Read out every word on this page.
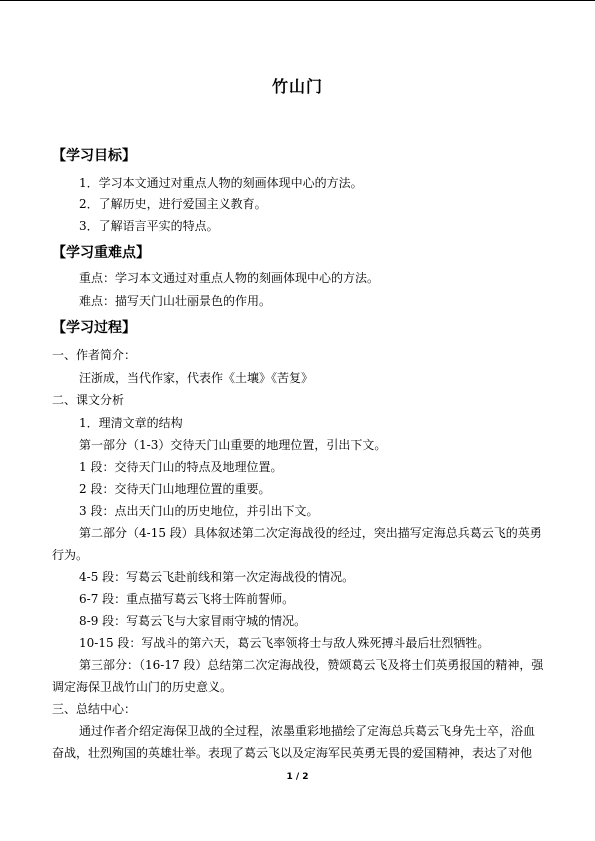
竹山门
【学习目标】
1．学习本文通过对重点人物的刻画体现中心的方法。
2．了解历史，进行爱国主义教育。
3．了解语言平实的特点。
【学习重难点】
重点：学习本文通过对重点人物的刻画体现中心的方法。
难点：描写天门山壮丽景色的作用。
【学习过程】
一、作者简介：
汪浙成，当代作家，代表作《土壤》《苦复》
二、课文分析
1．理清文章的结构
第一部分（1-3）交待天门山重要的地理位置，引出下文。
1 段：交待天门山的特点及地理位置。
2 段：交待天门山地理位置的重要。
3 段：点出天门山的历史地位，并引出下文。
第二部分（4-15 段）具体叙述第二次定海战役的经过，突出描写定海总兵葛云飞的英勇
行为。
4-5 段：写葛云飞赴前线和第一次定海战役的情况。
6-7 段：重点描写葛云飞将士阵前誓师。
8-9 段：写葛云飞与大家冒雨守城的情况。
10-15 段：写战斗的第六天，葛云飞率领将士与敌人殊死搏斗最后壮烈牺牲。
第三部分：（16-17 段）总结第二次定海战役，赞颂葛云飞及将士们英勇报国的精神，强
调定海保卫战竹山门的历史意义。
三、总结中心：
通过作者介绍定海保卫战的全过程，浓墨重彩地描绘了定海总兵葛云飞身先士卒，浴血
奋战，壮烈殉国的英雄壮举。表现了葛云飞以及定海军民英勇无畏的爱国精神，表达了对他
1 / 2
